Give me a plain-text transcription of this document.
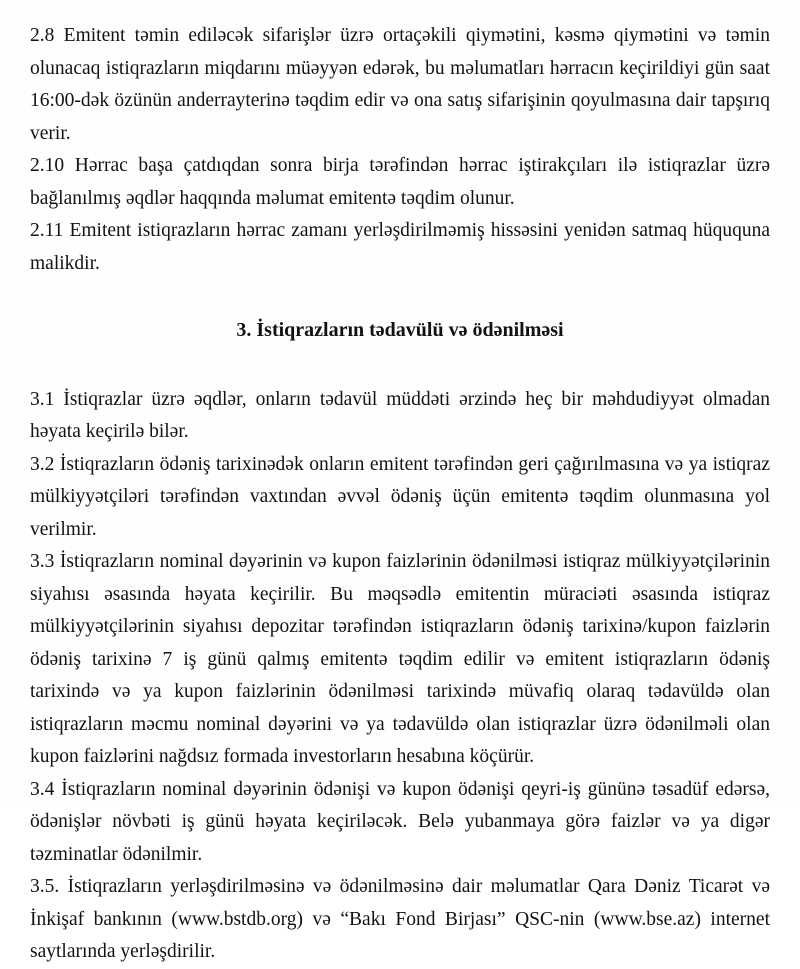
2.8 Emitent təmin ediləcək sifarişlər üzrə ortaçəkili qiymətini, kəsmə qiymətini və təmin olunacaq istiqrazların miqdarını müəyyən edərək, bu məlumatları hərracın keçirildiyi gün saat 16:00-dək özünün anderrayterinə təqdim edir və ona satış sifarişinin qoyulmasına dair tapşırıq verir.

2.10 Hərrac başa çatdıqdan sonra birja tərəfindən hərrac iştirakçıları ilə istiqrazlar üzrə bağlanılmış əqdlər haqqında məlumat emitentə təqdim olunur.

2.11 Emitent istiqrazların hərrac zamanı yerləşdirilməmiş hissəsini yenidən satmaq hüququna malikdir.

3. İstiqrazların tədavülü və ödənilməsi

3.1 İstiqrazlar üzrə əqdlər, onların tədavül müddəti ərzində heç bir məhdudiyyət olmadan həyata keçirilə bilər.

3.2 İstiqrazların ödəniş tarixinədək onların emitent tərəfindən geri çağırılmasına və ya istiqraz mülkiyyətçiləri tərəfindən vaxtından əvvəl ödəniş üçün emitentə təqdim olunmasına yol verilmir.

3.3 İstiqrazların nominal dəyərinin və kupon faizlərinin ödənilməsi istiqraz mülkiyyətçilərinin siyahısı əsasında həyata keçirilir. Bu məqsədlə emitentin müraciəti əsasında istiqraz mülkiyyətçilərinin siyahısı depozitar tərəfindən istiqrazların ödəniş tarixinə/kupon faizlərin ödəniş tarixinə 7 iş günü qalmış emitentə təqdim edilir və emitent istiqrazların ödəniş tarixində və ya kupon faizlərinin ödənilməsi tarixində müvafiq olaraq tədavüldə olan istiqrazların məcmu nominal dəyərini və ya tədavüldə olan istiqrazlar üzrə ödənilməli olan kupon faizlərini nağdsız formada investorların hesabına köçürür.

3.4 İstiqrazların nominal dəyərinin ödənişi və kupon ödənişi qeyri-iş gününə təsadüf edərsə, ödənişlər növbəti iş günü həyata keçiriləcək. Belə yubanmaya görə faizlər və ya digər təzminatlar ödənilmir.

3.5. İstiqrazların yerləşdirilməsinə və ödənilməsinə dair məlumatlar Qara Dəniz Ticarət və İnkişaf bankının (www.bstdb.org) və “Bakı Fond Birjası” QSC-nin (www.bse.az) internet saytlarında yerləşdirilir.
